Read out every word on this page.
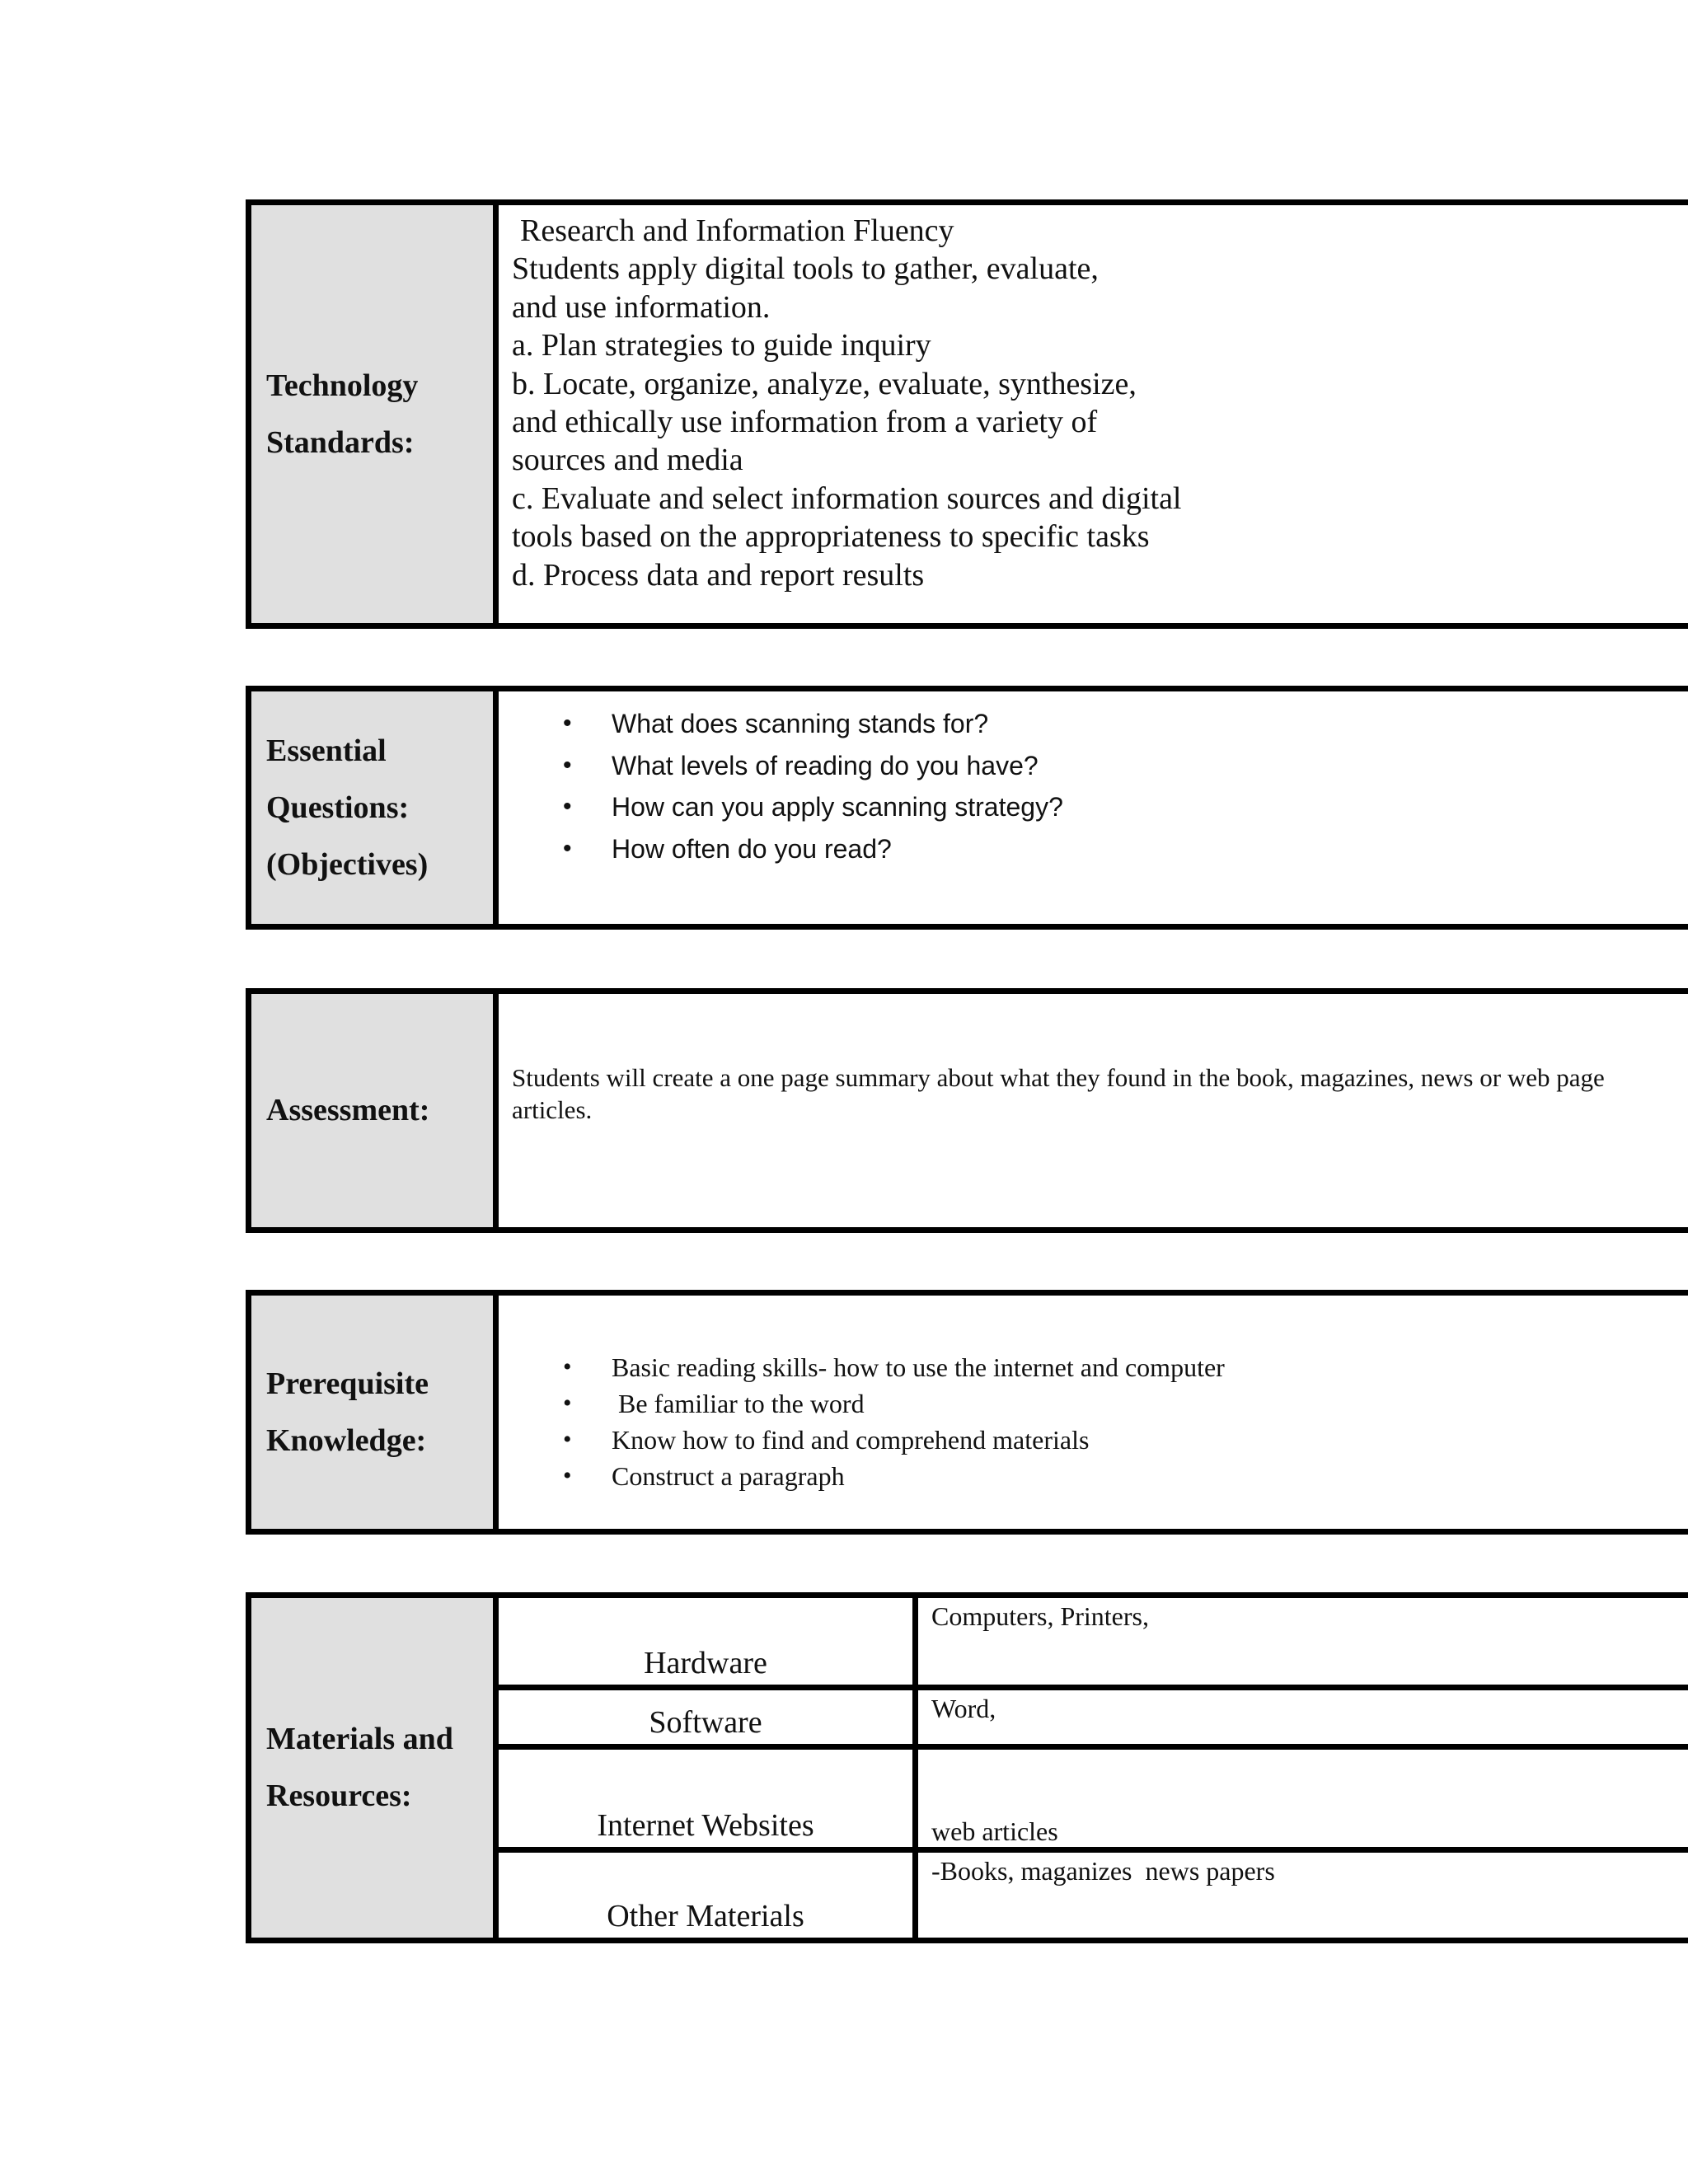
Technology
Standards:
Research and Information Fluency
Students apply digital tools to gather, evaluate,
and use information.
a. Plan strategies to guide inquiry
b. Locate, organize, analyze, evaluate, synthesize,
and ethically use information from a variety of
sources and media
c. Evaluate and select information sources and digital
tools based on the appropriateness to specific tasks
d. Process data and report results
Essential
Questions:
(Objectives)
• What does scanning stands for?
• What levels of reading do you have?
• How can you apply scanning strategy?
• How often do you read?
Assessment:
Students will create a one page summary about what they found in the book, magazines, news or web page
articles.
Prerequisite
Knowledge:
• Basic reading skills- how to use the internet and computer
• Be familiar to the word
• Know how to find and comprehend materials
• Construct a paragraph
Materials and
Resources:
Hardware
Computers, Printers,
Software	Word,
Internet Websites	web articles
Other Materials
-Books, maganizes  news papers
